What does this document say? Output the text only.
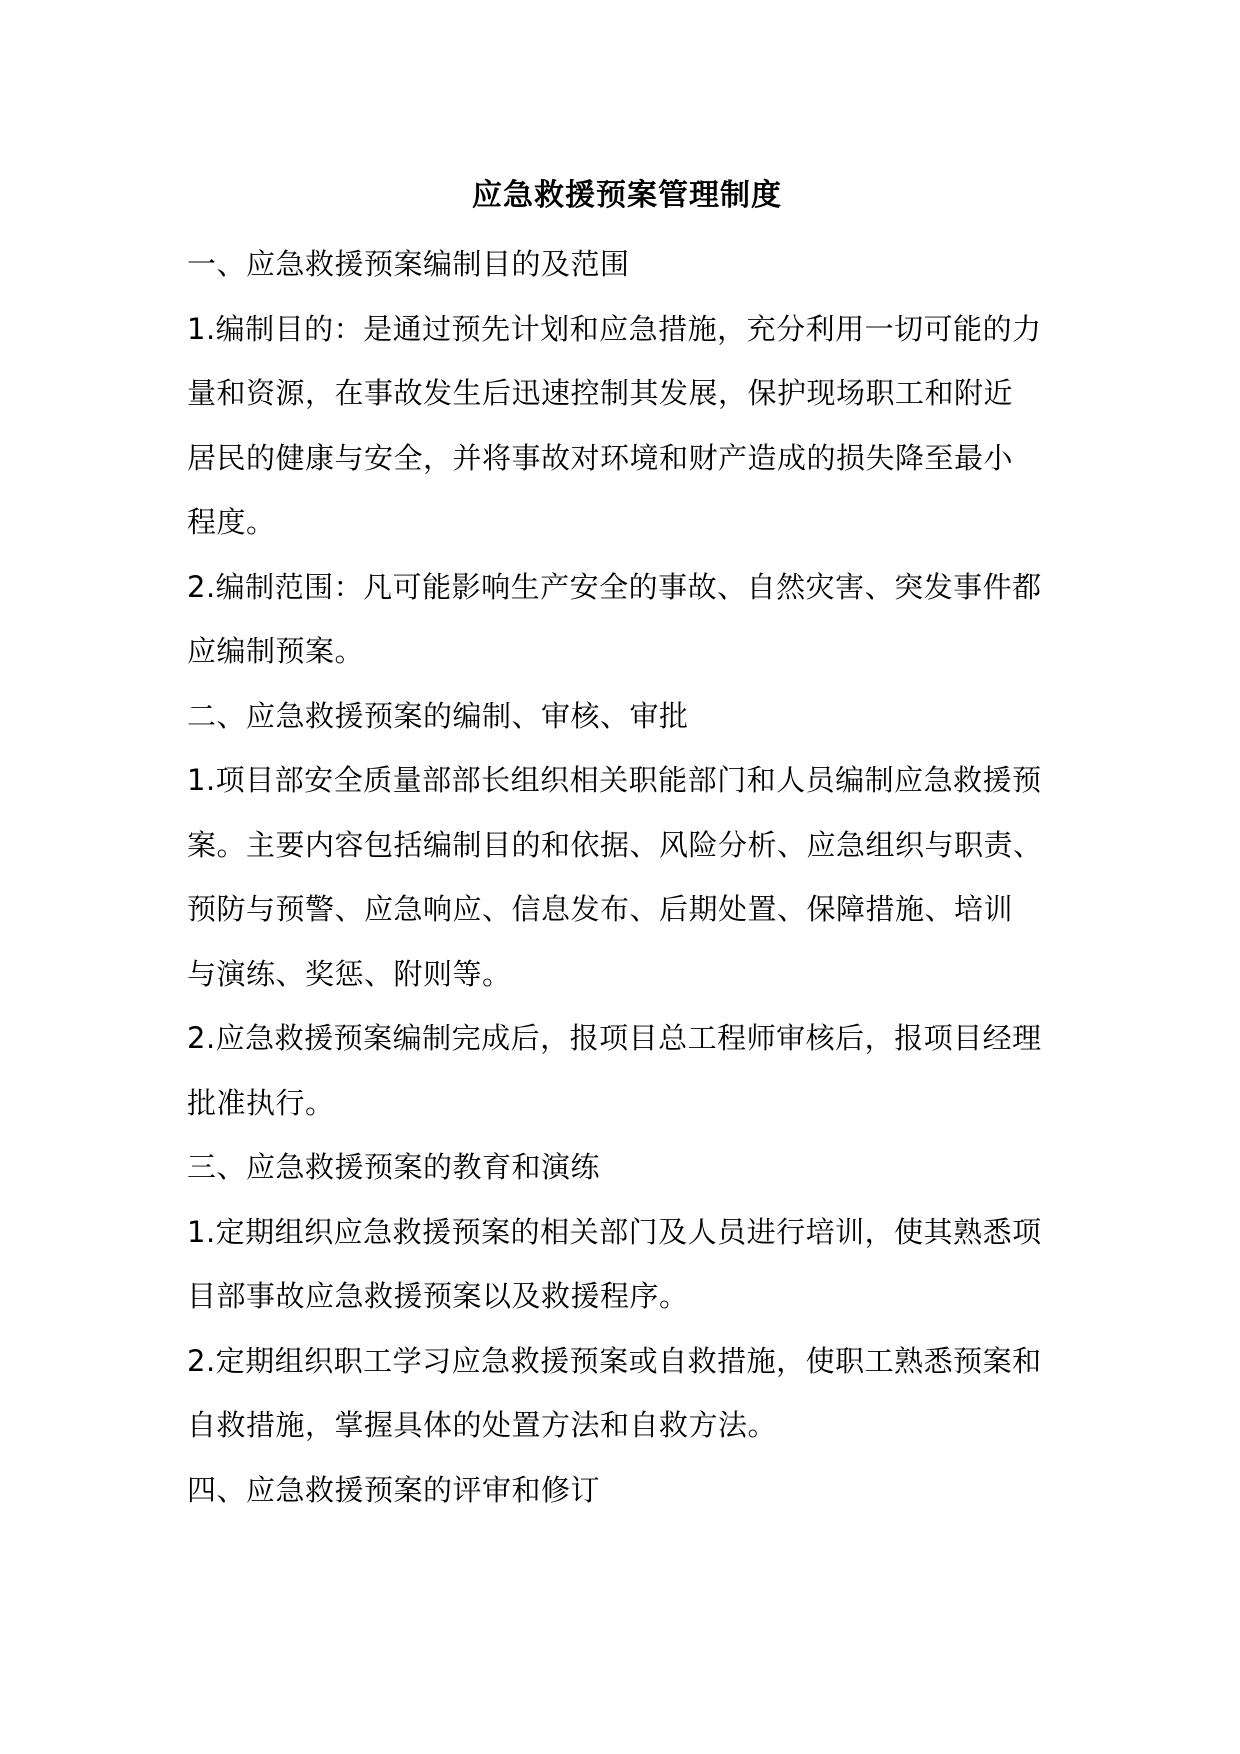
应急救援预案管理制度
一、应急救援预案编制目的及范围
1.编制目的：是通过预先计划和应急措施，充分利用一切可能的力
量和资源，在事故发生后迅速控制其发展，保护现场职工和附近
居民的健康与安全，并将事故对环境和财产造成的损失降至最小
程度。
2.编制范围：凡可能影响生产安全的事故、自然灾害、突发事件都
应编制预案。
二、应急救援预案的编制、审核、审批
1.项目部安全质量部部长组织相关职能部门和人员编制应急救援预
案。主要内容包括编制目的和依据、风险分析、应急组织与职责、
预防与预警、应急响应、信息发布、后期处置、保障措施、培训
与演练、奖惩、附则等。
2.应急救援预案编制完成后，报项目总工程师审核后，报项目经理
批准执行。
三、应急救援预案的教育和演练
1.定期组织应急救援预案的相关部门及人员进行培训，使其熟悉项
目部事故应急救援预案以及救援程序。
2.定期组织职工学习应急救援预案或自救措施，使职工熟悉预案和
自救措施，掌握具体的处置方法和自救方法。
四、应急救援预案的评审和修订
